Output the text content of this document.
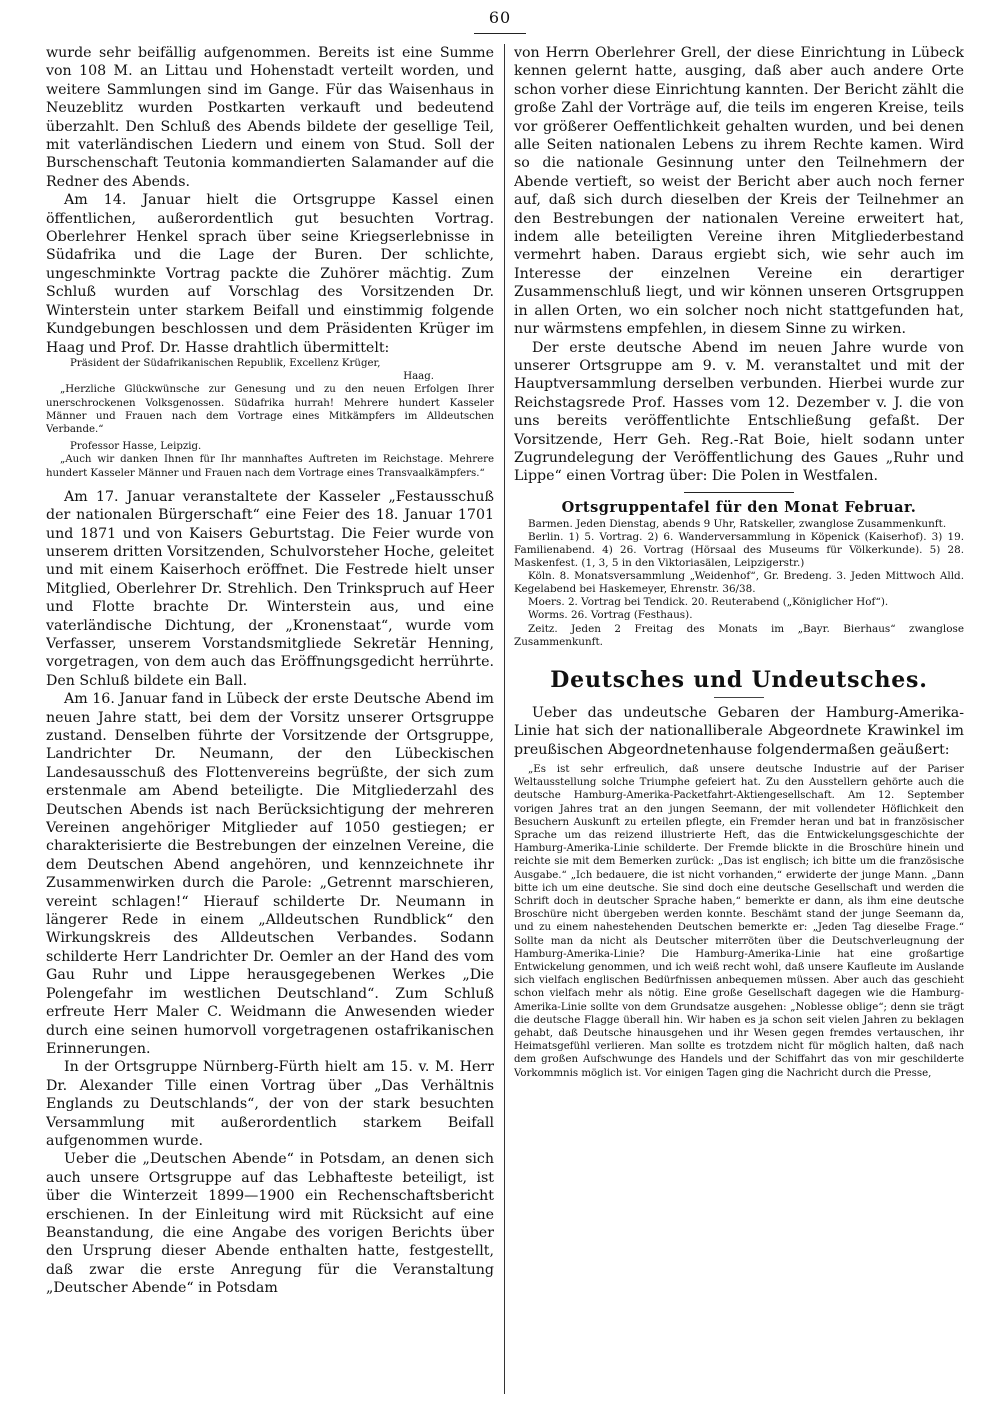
60

wurde sehr beifällig aufgenommen. Bereits ist eine Summe von 108 M. an Littau und Hohenstadt verteilt worden, und weitere Sammlungen sind im Gange. Für das Waisenhaus in Neuzeblitz wurden Postkarten verkauft und bedeutend überzahlt. Den Schluß des Abends bildete der gesellige Teil, mit vaterländischen Liedern und einem von Stud. Soll der Burschenschaft Teutonia kommandierten Salamander auf die Redner des Abends.

Am 14. Januar hielt die Ortsgruppe Kassel einen öffentlichen, außerordentlich gut besuchten Vortrag. Oberlehrer Henkel sprach über seine Kriegserlebnisse in Südafrika und die Lage der Buren. Der schlichte, ungeschminkte Vortrag packte die Zuhörer mächtig. Zum Schluß wurden auf Vorschlag des Vorsitzenden Dr. Winterstein unter starkem Beifall und einstimmig folgende Kundgebungen beschlossen und dem Präsidenten Krüger im Haag und Prof. Dr. Hasse drahtlich übermittelt:

Präsident der Südafrikanischen Republik, Excellenz Krüger,

Haag.

„Herzliche Glückwünsche zur Genesung und zu den neuen Erfolgen Ihrer unerschrockenen Volksgenossen. Südafrika hurrah! Mehrere hundert Kasseler Männer und Frauen nach dem Vortrage eines Mitkämpfers im Alldeutschen Verbande.“

Professor Hasse, Leipzig.

„Auch wir danken Ihnen für Ihr mannhaftes Auftreten im Reichstage. Mehrere hundert Kasseler Männer und Frauen nach dem Vortrage eines Transvaalkämpfers.“

Am 17. Januar veranstaltete der Kasseler „Festausschuß der nationalen Bürgerschaft“ eine Feier des 18. Januar 1701 und 1871 und von Kaisers Geburtstag. Die Feier wurde von unserem dritten Vorsitzenden, Schulvorsteher Hoche, geleitet und mit einem Kaiserhoch eröffnet. Die Festrede hielt unser Mitglied, Oberlehrer Dr. Strehlich. Den Trinkspruch auf Heer und Flotte brachte Dr. Winterstein aus, und eine vaterländische Dichtung, der „Kronenstaat“, wurde vom Verfasser, unserem Vorstandsmitgliede Sekretär Henning, vorgetragen, von dem auch das Eröffnungsgedicht herrührte. Den Schluß bildete ein Ball.

Am 16. Januar fand in Lübeck der erste Deutsche Abend im neuen Jahre statt, bei dem der Vorsitz unserer Ortsgruppe zustand. Denselben führte der Vorsitzende der Ortsgruppe, Landrichter Dr. Neumann, der den Lübeckischen Landesausschuß des Flottenvereins begrüßte, der sich zum erstenmale am Abend beteiligte. Die Mitgliederzahl des Deutschen Abends ist nach Berücksichtigung der mehreren Vereinen angehöriger Mitglieder auf 1050 gestiegen; er charakterisierte die Bestrebungen der einzelnen Vereine, die dem Deutschen Abend angehören, und kennzeichnete ihr Zusammenwirken durch die Parole: „Getrennt marschieren, vereint schlagen!“ Hierauf schilderte Dr. Neumann in längerer Rede in einem „Alldeutschen Rundblick“ den Wirkungskreis des Alldeutschen Verbandes. Sodann schilderte Herr Landrichter Dr. Oemler an der Hand des vom Gau Ruhr und Lippe herausgegebenen Werkes „Die Polengefahr im westlichen Deutschland“. Zum Schluß erfreute Herr Maler C. Weidmann die Anwesenden wieder durch eine seinen humorvoll vorgetragenen ostafrikanischen Erinnerungen.

In der Ortsgruppe Nürnberg-Fürth hielt am 15. v. M. Herr Dr. Alexander Tille einen Vortrag über „Das Verhältnis Englands zu Deutschlands“, der von der stark besuchten Versammlung mit außerordentlich starkem Beifall aufgenommen wurde.

Ueber die „Deutschen Abende“ in Potsdam, an denen sich auch unsere Ortsgruppe auf das Lebhafteste beteiligt, ist über die Winterzeit 1899—1900 ein Rechenschaftsbericht erschienen. In der Einleitung wird mit Rücksicht auf eine Beanstandung, die eine Angabe des vorigen Berichts über den Ursprung dieser Abende enthalten hatte, festgestellt, daß zwar die erste Anregung für die Veranstaltung „Deutscher Abende“ in Potsdam

von Herrn Oberlehrer Grell, der diese Einrichtung in Lübeck kennen gelernt hatte, ausging, daß aber auch andere Orte schon vorher diese Einrichtung kannten. Der Bericht zählt die große Zahl der Vorträge auf, die teils im engeren Kreise, teils vor größerer Oeffentlichkeit gehalten wurden, und bei denen alle Seiten nationalen Lebens zu ihrem Rechte kamen. Wird so die nationale Gesinnung unter den Teilnehmern der Abende vertieft, so weist der Bericht aber auch noch ferner auf, daß sich durch dieselben der Kreis der Teilnehmer an den Bestrebungen der nationalen Vereine erweitert hat, indem alle beteiligten Vereine ihren Mitgliederbestand vermehrt haben. Daraus ergiebt sich, wie sehr auch im Interesse der einzelnen Vereine ein derartiger Zusammenschluß liegt, und wir können unseren Ortsgruppen in allen Orten, wo ein solcher noch nicht stattgefunden hat, nur wärmstens empfehlen, in diesem Sinne zu wirken.

Der erste deutsche Abend im neuen Jahre wurde von unserer Ortsgruppe am 9. v. M. veranstaltet und mit der Hauptversammlung derselben verbunden. Hierbei wurde zur Reichstagsrede Prof. Hasses vom 12. Dezember v. J. die von uns bereits veröffentlichte Entschließung gefaßt. Der Vorsitzende, Herr Geh. Reg.-Rat Boie, hielt sodann unter Zugrundelegung der Veröffentlichung des Gaues „Ruhr und Lippe“ einen Vortrag über: Die Polen in Westfalen.

Ortsgruppentafel für den Monat Februar.

Barmen. Jeden Dienstag, abends 9 Uhr, Ratskeller, zwanglose Zusammenkunft.

Berlin. 1) 5. Vortrag. 2) 6. Wanderversammlung in Köpenick (Kaiserhof). 3) 19. Familienabend. 4) 26. Vortrag (Hörsaal des Museums für Völkerkunde). 5) 28. Maskenfest. (1, 3, 5 in den Viktoriasälen, Leipzigerstr.)

Köln. 8. Monatsversammlung „Weidenhof“, Gr. Bredeng. 3. Jeden Mittwoch Alld. Kegelabend bei Haskemeyer, Ehrenstr. 36/38.

Moers. 2. Vortrag bei Tendick. 20. Reuterabend („Königlicher Hof“).

Worms. 26. Vortrag (Festhaus).

Zeitz. Jeden 2 Freitag des Monats im „Bayr. Bierhaus“ zwanglose Zusammenkunft.

Deutsches und Undeutsches.

Ueber das undeutsche Gebaren der Hamburg-Amerika-Linie hat sich der nationalliberale Abgeordnete Krawinkel im preußischen Abgeordnetenhause folgendermaßen geäußert:

„Es ist sehr erfreulich, daß unsere deutsche Industrie auf der Pariser Weltausstellung solche Triumphe gefeiert hat. Zu den Ausstellern gehörte auch die deutsche Hamburg-Amerika-Packetfahrt-Aktiengesellschaft. Am 12. September vorigen Jahres trat an den jungen Seemann, der mit vollendeter Höflichkeit den Besuchern Auskunft zu erteilen pflegte, ein Fremder heran und bat in französischer Sprache um das reizend illustrierte Heft, das die Entwickelungsgeschichte der Hamburg-Amerika-Linie schilderte. Der Fremde blickte in die Broschüre hinein und reichte sie mit dem Bemerken zurück: „Das ist englisch; ich bitte um die französische Ausgabe.“ „Ich bedauere, die ist nicht vorhanden,“ erwiderte der junge Mann. „Dann bitte ich um eine deutsche. Sie sind doch eine deutsche Gesellschaft und werden die Schrift doch in deutscher Sprache haben,“ bemerkte er dann, als ihm eine deutsche Broschüre nicht übergeben werden konnte. Beschämt stand der junge Seemann da, und zu einem nahestehenden Deutschen bemerkte er: „Jeden Tag dieselbe Frage.“ Sollte man da nicht als Deutscher miterröten über die Deutschverleugnung der Hamburg-Amerika-Linie? Die Hamburg-Amerika-Linie hat eine großartige Entwickelung genommen, und ich weiß recht wohl, daß unsere Kaufleute im Auslande sich vielfach englischen Bedürfnissen anbequemen müssen. Aber auch das geschieht schon vielfach mehr als nötig. Eine große Gesellschaft dagegen wie die Hamburg-Amerika-Linie sollte von dem Grundsatze ausgehen: „Noblesse oblige“; denn sie trägt die deutsche Flagge überall hin. Wir haben es ja schon seit vielen Jahren zu beklagen gehabt, daß Deutsche hinausgehen und ihr Wesen gegen fremdes vertauschen, ihr Heimatsgefühl verlieren. Man sollte es trotzdem nicht für möglich halten, daß nach dem großen Aufschwunge des Handels und der Schiffahrt das von mir geschilderte Vorkommnis möglich ist. Vor einigen Tagen ging die Nachricht durch die Presse,
